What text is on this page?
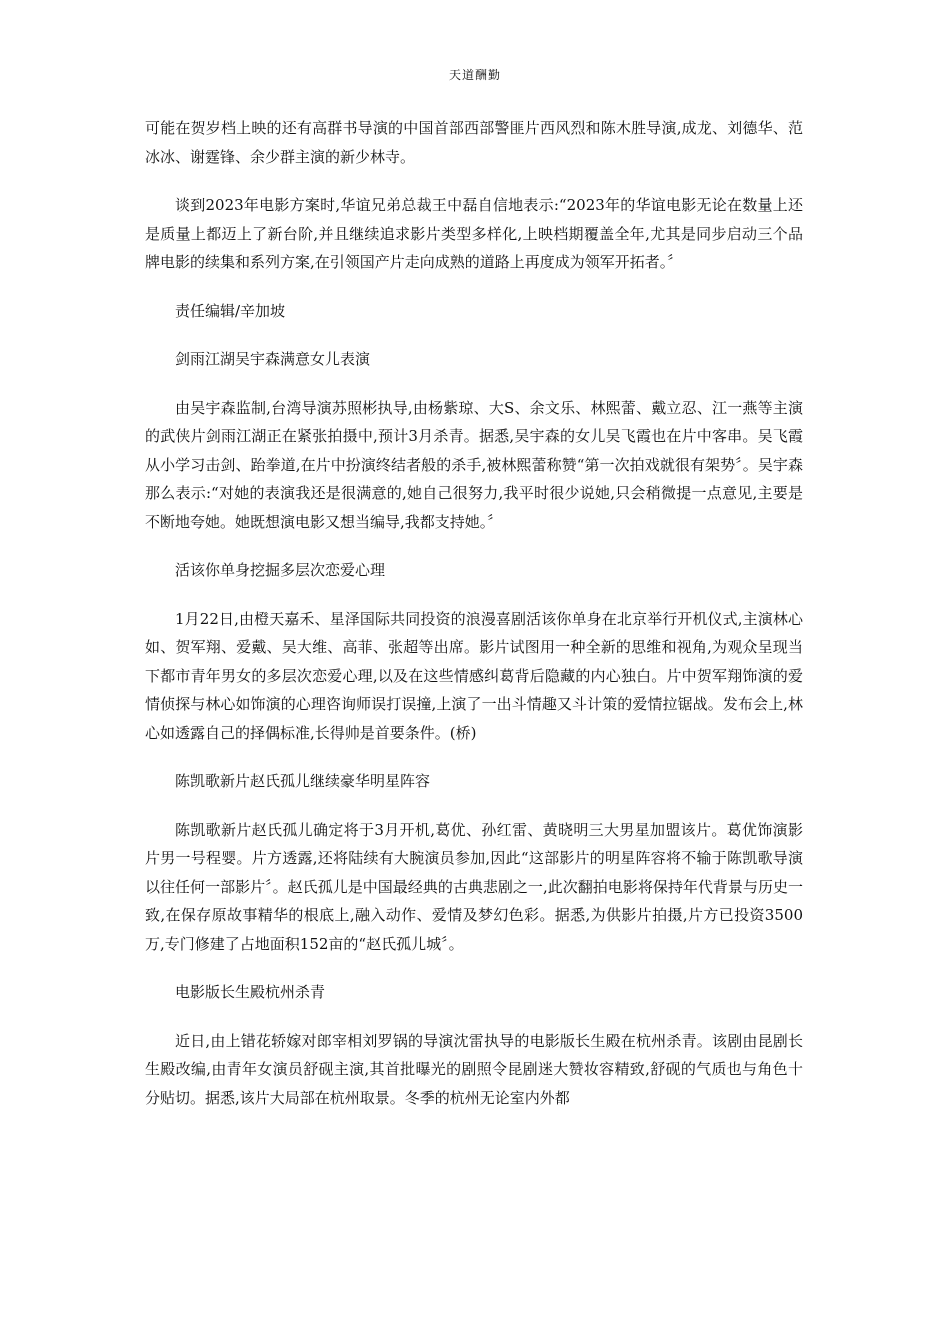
天道酬勤

可能在贺岁档上映的还有高群书导演的中国首部西部警匪片西风烈和陈木胜导演,成龙、刘德华、范冰冰、谢霆锋、余少群主演的新少林寺。

谈到2023年电影方案时,华谊兄弟总裁王中磊自信地表示:“2023年的华谊电影无论在数量上还是质量上都迈上了新台阶,并且继续追求影片类型多样化,上映档期覆盖全年,尤其是同步启动三个品牌电影的续集和系列方案,在引领国产片走向成熟的道路上再度成为领军开拓者。〞

责任编辑/辛加坡

剑雨江湖吴宇森满意女儿表演

由吴宇森监制,台湾导演苏照彬执导,由杨紫琼、大S、余文乐、林熙蕾、戴立忍、江一燕等主演的武侠片剑雨江湖正在紧张拍摄中,预计3月杀青。据悉,吴宇森的女儿吴飞霞也在片中客串。吴飞霞从小学习击剑、跆拳道,在片中扮演终结者般的杀手,被林熙蕾称赞“第一次拍戏就很有架势〞。吴宇森那么表示:“对她的表演我还是很满意的,她自己很努力,我平时很少说她,只会稍微提一点意见,主要是不断地夸她。她既想演电影又想当编导,我都支持她。〞

活该你单身挖掘多层次恋爱心理

1月22日,由橙天嘉禾、星泽国际共同投资的浪漫喜剧活该你单身在北京举行开机仪式,主演林心如、贺军翔、爱戴、吴大维、高菲、张超等出席。影片试图用一种全新的思维和视角,为观众呈现当下都市青年男女的多层次恋爱心理,以及在这些情感纠葛背后隐藏的内心独白。片中贺军翔饰演的爱情侦探与林心如饰演的心理咨询师误打误撞,上演了一出斗情趣又斗计策的爱情拉锯战。发布会上,林心如透露自己的择偶标准,长得帅是首要条件。(桥)

陈凯歌新片赵氏孤儿继续豪华明星阵容

陈凯歌新片赵氏孤儿确定将于3月开机,葛优、孙红雷、黄晓明三大男星加盟该片。葛优饰演影片男一号程婴。片方透露,还将陆续有大腕演员参加,因此“这部影片的明星阵容将不输于陈凯歌导演以往任何一部影片〞。赵氏孤儿是中国最经典的古典悲剧之一,此次翻拍电影将保持年代背景与历史一致,在保存原故事精华的根底上,融入动作、爱情及梦幻色彩。据悉,为供影片拍摄,片方已投资3500万,专门修建了占地面积152亩的“赵氏孤儿城〞。

电影版长生殿杭州杀青

近日,由上错花轿嫁对郎宰相刘罗锅的导演沈雷执导的电影版长生殿在杭州杀青。该剧由昆剧长生殿改编,由青年女演员舒砚主演,其首批曝光的剧照令昆剧迷大赞妆容精致,舒砚的气质也与角色十分贴切。据悉,该片大局部在杭州取景。冬季的杭州无论室内外都
